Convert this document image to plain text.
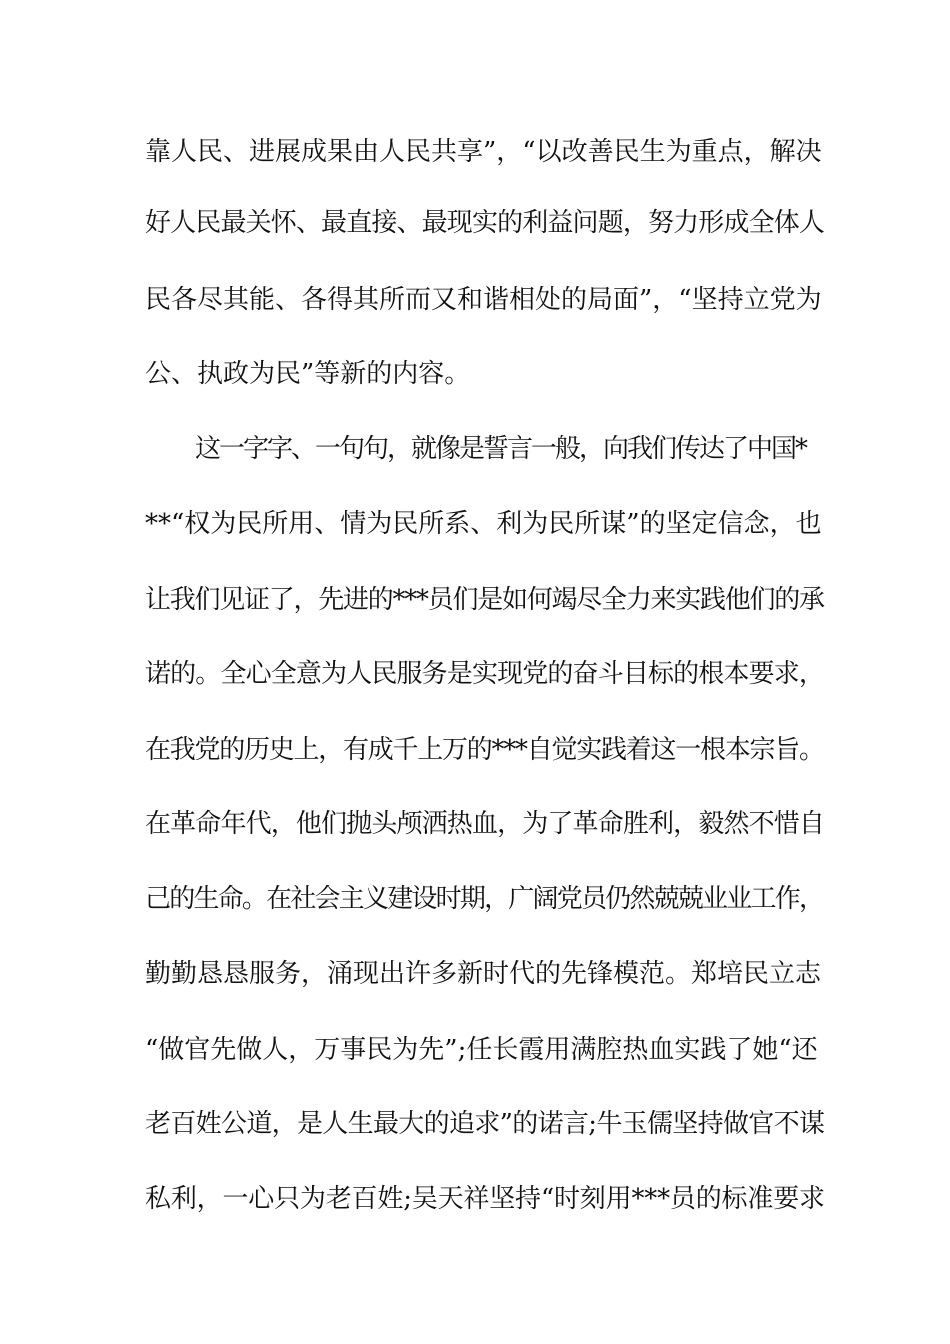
靠人民、进展成果由人民共享”，“以改善民生为重点，解决
好人民最关怀、最直接、最现实的利益问题，努力形成全体人
民各尽其能、各得其所而又和谐相处的局面”，“坚持立党为
公、执政为民”等新的内容。
这一字字、一句句，就像是誓言一般，向我们传达了中国*
**“权为民所用、情为民所系、利为民所谋”的坚定信念，也
让我们见证了，先进的***员们是如何竭尽全力来实践他们的承
诺的。全心全意为人民服务是实现党的奋斗目标的根本要求，
在我党的历史上，有成千上万的***自觉实践着这一根本宗旨。
在革命年代，他们抛头颅洒热血，为了革命胜利，毅然不惜自
己的生命。在社会主义建设时期，广阔党员仍然兢兢业业工作，
勤勤恳恳服务，涌现出许多新时代的先锋模范。郑培民立志
“做官先做人，万事民为先”;任长霞用满腔热血实践了她“还
老百姓公道，是人生最大的追求”的诺言;牛玉儒坚持做官不谋
私利，一心只为老百姓;吴天祥坚持“时刻用***员的标准要求
